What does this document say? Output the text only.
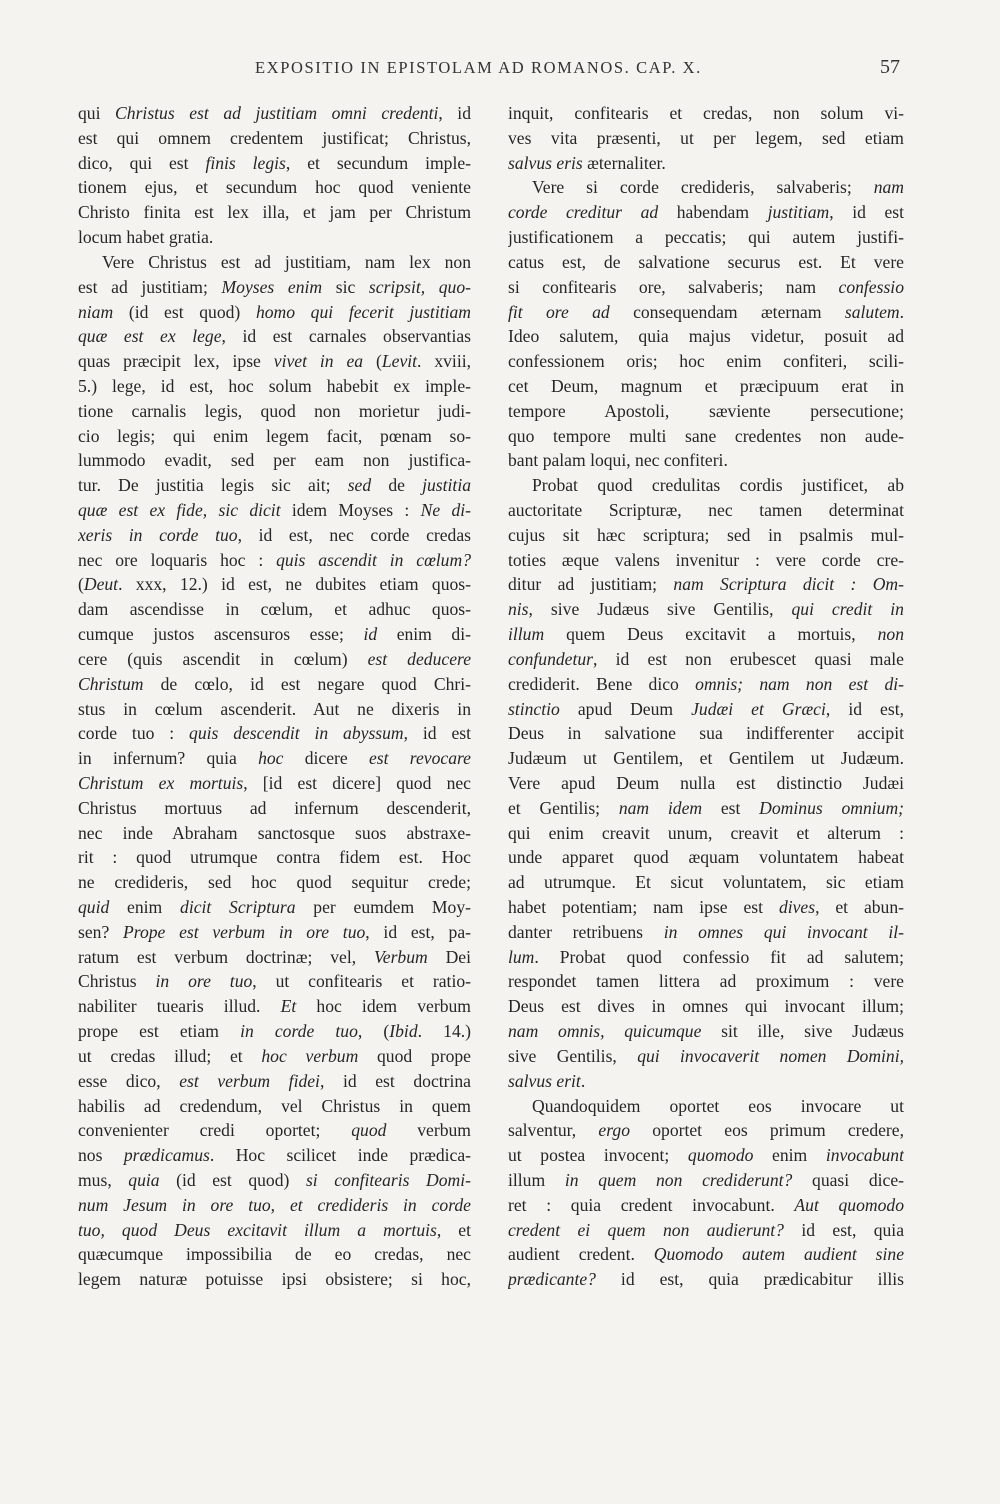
EXPOSITIO IN EPISTOLAM AD ROMANOS. CAP. X.	57
qui Christus est ad justitiam omni credenti, id
est qui omnem credentem justificat; Christus,
dico, qui est finis legis, et secundum imple-
tionem ejus, et secundum hoc quod veniente
Christo finita est lex illa, et jam per Christum
locum habet gratia.
Vere Christus est ad justitiam, nam lex non
est ad justitiam; Moyses enim sic scripsit, quo-
niam (id est quod) homo qui fecerit justitiam
quæ est ex lege, id est carnales observantias
quas præcipit lex, ipse vivet in ea (Levit. xviii,
5.) lege, id est, hoc solum habebit ex imple-
tione carnalis legis, quod non morietur judi-
cio legis; qui enim legem facit, pœnam so-
lummodo evadit, sed per eam non justifica-
tur. De justitia legis sic ait; sed de justitia
quæ est ex fide, sic dicit idem Moyses : Ne di-
xeris in corde tuo, id est, nec corde credas
nec ore loquaris hoc : quis ascendit in cœlum?
(Deut. xxx, 12.) id est, ne dubites etiam quos-
dam ascendisse in cœlum, et adhuc quos-
cumque justos ascensuros esse; id enim di-
cere (quis ascendit in cœlum) est deducere
Christum de cœlo, id est negare quod Chri-
stus in cœlum ascenderit. Aut ne dixeris in
corde tuo : quis descendit in abyssum, id est
in infernum? quia hoc dicere est revocare
Christum ex mortuis, [id est dicere] quod nec
Christus mortuus ad infernum descenderit,
nec inde Abraham sanctosque suos abstraxe-
rit : quod utrumque contra fidem est. Hoc
ne credideris, sed hoc quod sequitur crede;
quid enim dicit Scriptura per eumdem Moy-
sen? Prope est verbum in ore tuo, id est, pa-
ratum est verbum doctrinæ; vel, Verbum Dei
Christus in ore tuo, ut confitearis et ratio-
nabiliter tuearis illud. Et hoc idem verbum
prope est etiam in corde tuo, (Ibid. 14.)
ut credas illud; et hoc verbum quod prope
esse dico, est verbum fidei, id est doctrina
habilis ad credendum, vel Christus in quem
convenienter credi oportet; quod verbum
nos prædicamus. Hoc scilicet inde prædica-
mus, quia (id est quod) si confitearis Domi-
num Jesum in ore tuo, et credideris in corde
tuo, quod Deus excitavit illum a mortuis, et
quæcumque impossibilia de eo credas, nec
legem naturæ potuisse ipsi obsistere; si hoc,
inquit, confitearis et credas, non solum vi-
ves vita præsenti, ut per legem, sed etiam
salvus eris æternaliter.
Vere si corde credideris, salvaberis; nam
corde creditur ad habendam justitiam, id est
justificationem a peccatis; qui autem justifi-
catus est, de salvatione securus est. Et vere
si confitearis ore, salvaberis; nam confessio
fit ore ad consequendam æternam salutem.
Ideo salutem, quia majus videtur, posuit ad
confessionem oris; hoc enim confiteri, scili-
cet Deum, magnum et præcipuum erat in
tempore Apostoli, sæviente persecutione;
quo tempore multi sane credentes non aude-
bant palam loqui, nec confiteri.
Probat quod credulitas cordis justificet, ab
auctoritate Scripturæ, nec tamen determinat
cujus sit hæc scriptura; sed in psalmis mul-
toties æque valens invenitur : vere corde cre-
ditur ad justitiam; nam Scriptura dicit : Om-
nis, sive Judæus sive Gentilis, qui credit in
illum quem Deus excitavit a mortuis, non
confundetur, id est non erubescet quasi male
crediderit. Bene dico omnis; nam non est di-
stinctio apud Deum Judæi et Græci, id est,
Deus in salvatione sua indifferenter accipit
Judæum ut Gentilem, et Gentilem ut Judæum.
Vere apud Deum nulla est distinctio Judæi
et Gentilis; nam idem est Dominus omnium;
qui enim creavit unum, creavit et alterum :
unde apparet quod æquam voluntatem habeat
ad utrumque. Et sicut voluntatem, sic etiam
habet potentiam; nam ipse est dives, et abun-
danter retribuens in omnes qui invocant il-
lum. Probat quod confessio fit ad salutem;
respondet tamen littera ad proximum : vere
Deus est dives in omnes qui invocant illum;
nam omnis, quicumque sit ille, sive Judæus
sive Gentilis, qui invocaverit nomen Domini,
salvus erit.
Quandoquidem oportet eos invocare ut
salventur, ergo oportet eos primum credere,
ut postea invocent; quomodo enim invocabunt
illum in quem non crediderunt? quasi dice-
ret : quia credent invocabunt. Aut quomodo
credent ei quem non audierunt? id est, quia
audient credent. Quomodo autem audient sine
prædicante? id est, quia prædicabitur illis
